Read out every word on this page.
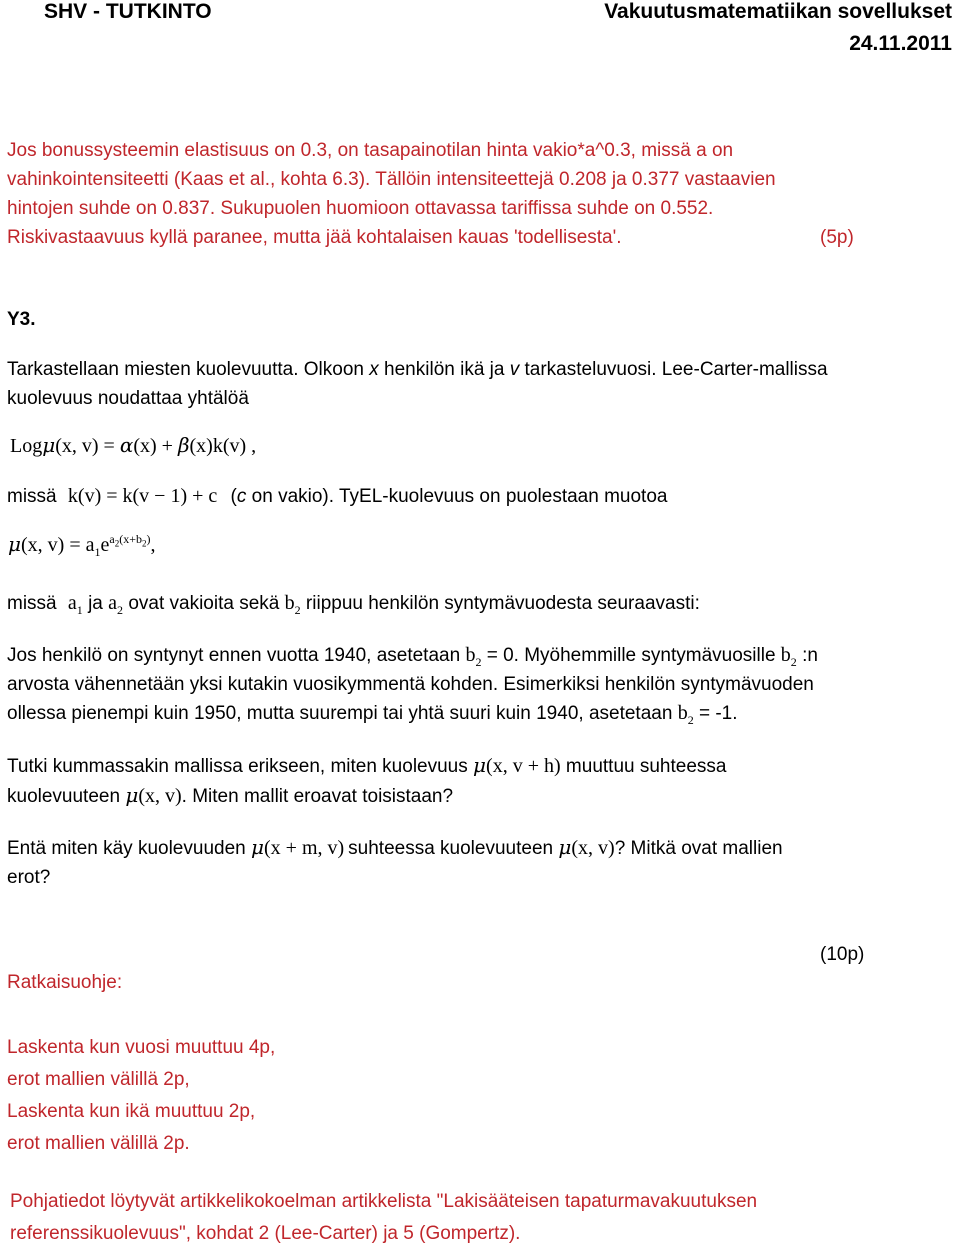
SHV - TUTKINTO	Vakuutusmatematiikan sovellukset
24.11.2011
Jos bonussysteemin elastisuus on 0.3, on tasapainotilan hinta vakio*a^0.3, missä a on
vahinkointensiteetti (Kaas et al., kohta 6.3). Tällöin intensiteettejä 0.208 ja 0.377 vastaavien
hintojen suhde on 0.837. Sukupuolen huomioon ottavassa tariffissa suhde on 0.552.
Riskivastaavuus kyllä paranee, mutta jää kohtalaisen kauas 'todellisesta'.	(5p)
Y3.
Tarkastellaan miesten kuolevuutta. Olkoon x henkilön ikä ja v tarkasteluvuosi. Lee-Carter-mallissa
kuolevuus noudattaa yhtälöä
Logμ(x, v) = α(x) + β(x)k(v) ,
missä k(v) = k(v − 1) + c (c on vakio). TyEL-kuolevuus on puolestaan muotoa
μ(x, $v) = a_1e^{a_2(x+b_2)}$,
missä $a_1$ ja $a_2$ ovat vakioita sekä $b_2$ riippuu henkilön syntymävuodesta seuraavasti:
Jos henkilö on syntynyt ennen vuotta 1940, asetetaan $b_2 = 0$. Myöhemmille syntymävuosille $b_2$ :n
arvosta vähennetään yksi kutakin vuosikymmentä kohden. Esimerkiksi henkilön syntymävuoden
ollessa pienempi kuin 1950, mutta suurempi tai yhtä suuri kuin 1940, asetetaan $b_2 = -1$.
Tutki kummassakin mallissa erikseen, miten kuolevuus μ(x, v + h) muuttuu suhteessa
kuolevuuteen μ(x, v). Miten mallit eroavat toisistaan?
Entä miten käy kuolevuuden μ(x + m, v) suhteessa kuolevuuteen μ(x, v)? Mitkä ovat mallien
erot?
(10p)
Ratkaisuohje:
Laskenta kun vuosi muuttuu 4p,
erot mallien välillä 2p,
Laskenta kun ikä muuttuu 2p,
erot mallien välillä 2p.
Pohjatiedot löytyvät artikkelikokoelman artikkelista "Lakisääteisen tapaturmavakuutuksen
referenssikuolevuus", kohdat 2 (Lee-Carter) ja 5 (Gompertz).
